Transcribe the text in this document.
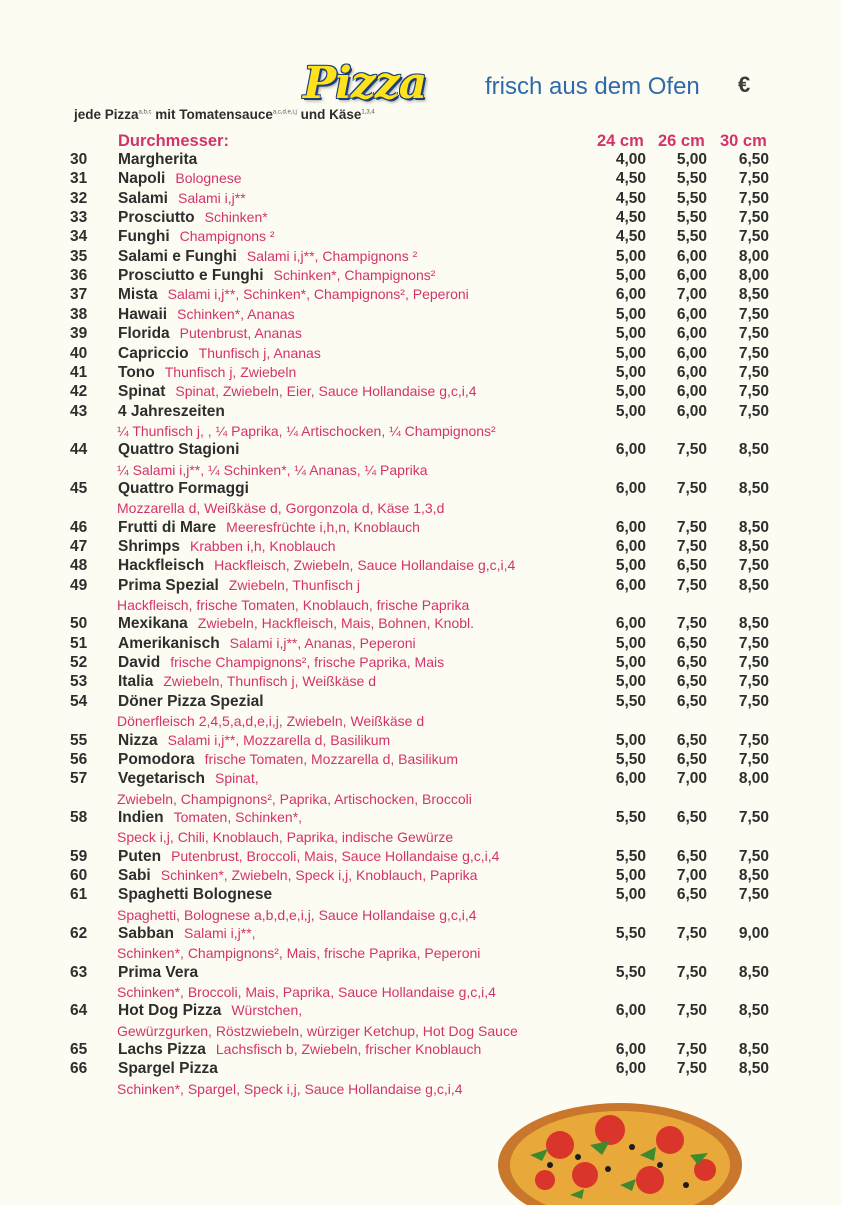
Pizza frisch aus dem Ofen €
jede Pizza$^{a,b,c}$ mit Tomatensauce$^{a,c,d,e,i,j}$ und Käse$^{1,3,4}$
Durchmesser:	24 cm 26 cm 30 cm
30 Margherita	4,00	5,00	6,50
31 Napoli Bolognese	4,50	5,50	7,50
32 Salami Salami i,j**	4,50	5,50	7,50
33 Prosciutto Schinken*	4,50	5,50	7,50
34 Funghi Champignons ²	4,50	5,50	7,50
35 Salami e Funghi Salami i,j**, Champignons ²	5,00	6,00	8,00
36 Prosciutto e Funghi Schinken*, Champignons²	5,00	6,00	8,00
37 Mista Salami i,j**, Schinken*, Champignons², Peperoni	6,00	7,00	8,50
38 Hawaii Schinken*, Ananas	5,00	6,00	7,50
39 Florida Putenbrust, Ananas	5,00	6,00	7,50
40 Capriccio Thunfisch j, Ananas	5,00	6,00	7,50
41 Tono Thunfisch j, Zwiebeln	5,00	6,00	7,50
42 Spinat Spinat, Zwiebeln, Eier, Sauce Hollandaise g,c,i,4	5,00	6,00	7,50
43 4 Jahreszeiten	5,00	6,00	7,50
¼ Thunfisch j, , ¼ Paprika, ¼ Artischocken, ¼ Champignons²
44 Quattro Stagioni	6,00	7,50	8,50
¼ Salami i,j**, ¼ Schinken*, ¼ Ananas, ¼ Paprika
45 Quattro Formaggi	6,00	7,50	8,50
Mozzarella d, Weißkäse d, Gorgonzola d, Käse 1,3,d
46 Frutti di Mare Meeresfrüchte i,h,n, Knoblauch	6,00	7,50	8,50
47 Shrimps Krabben i,h, Knoblauch	6,00	7,50	8,50
48 Hackfleisch Hackfleisch, Zwiebeln, Sauce Hollandaise g,c,i,4	5,00	6,50	7,50
49 Prima Spezial Zwiebeln, Thunfisch j	6,00	7,50	8,50
Hackfleisch, frische Tomaten, Knoblauch, frische Paprika
50 Mexikana Zwiebeln, Hackfleisch, Mais, Bohnen, Knobl.	6,00	7,50	8,50
51 Amerikanisch Salami i,j**, Ananas, Peperoni	5,00	6,50	7,50
52 David frische Champignons², frische Paprika, Mais	5,00	6,50	7,50
53 Italia Zwiebeln, Thunfisch j, Weißkäse d	5,00	6,50	7,50
54 Döner Pizza Spezial	5,50	6,50	7,50
Dönerfleisch 2,4,5,a,d,e,i,j, Zwiebeln, Weißkäse d
55 Nizza Salami i,j**, Mozzarella d, Basilikum	5,00	6,50	7,50
56 Pomodora frische Tomaten, Mozzarella d, Basilikum	5,50	6,50	7,50
57 Vegetarisch Spinat,	6,00	7,00	8,00
Zwiebeln, Champignons², Paprika, Artischocken, Broccoli
58 Indien Tomaten, Schinken*,	5,50	6,50	7,50
Speck i,j, Chili, Knoblauch, Paprika, indische Gewürze
59 Puten Putenbrust, Broccoli, Mais, Sauce Hollandaise g,c,i,4	5,50	6,50	7,50
60 Sabi Schinken*, Zwiebeln, Speck i,j, Knoblauch, Paprika	5,00	7,00	8,50
61 Spaghetti Bolognese	5,00	6,50	7,50
Spaghetti, Bolognese a,b,d,e,i,j, Sauce Hollandaise g,c,i,4
62 Sabban Salami i,j**,	5,50	7,50	9,00
Schinken*, Champignons², Mais, frische Paprika, Peperoni
63 Prima Vera	5,50	7,50	8,50
Schinken*, Broccoli, Mais, Paprika, Sauce Hollandaise g,c,i,4
64 Hot Dog Pizza Würstchen,	6,00	7,50	8,50
Gewürzgurken, Röstzwiebeln, würziger Ketchup, Hot Dog Sauce
65 Lachs Pizza Lachsfisch b, Zwiebeln, frischer Knoblauch	6,00	7,50	8,50
66 Spargel Pizza	6,00	7,50	8,50
Schinken*, Spargel, Speck i,j, Sauce Hollandaise g,c,i,4
